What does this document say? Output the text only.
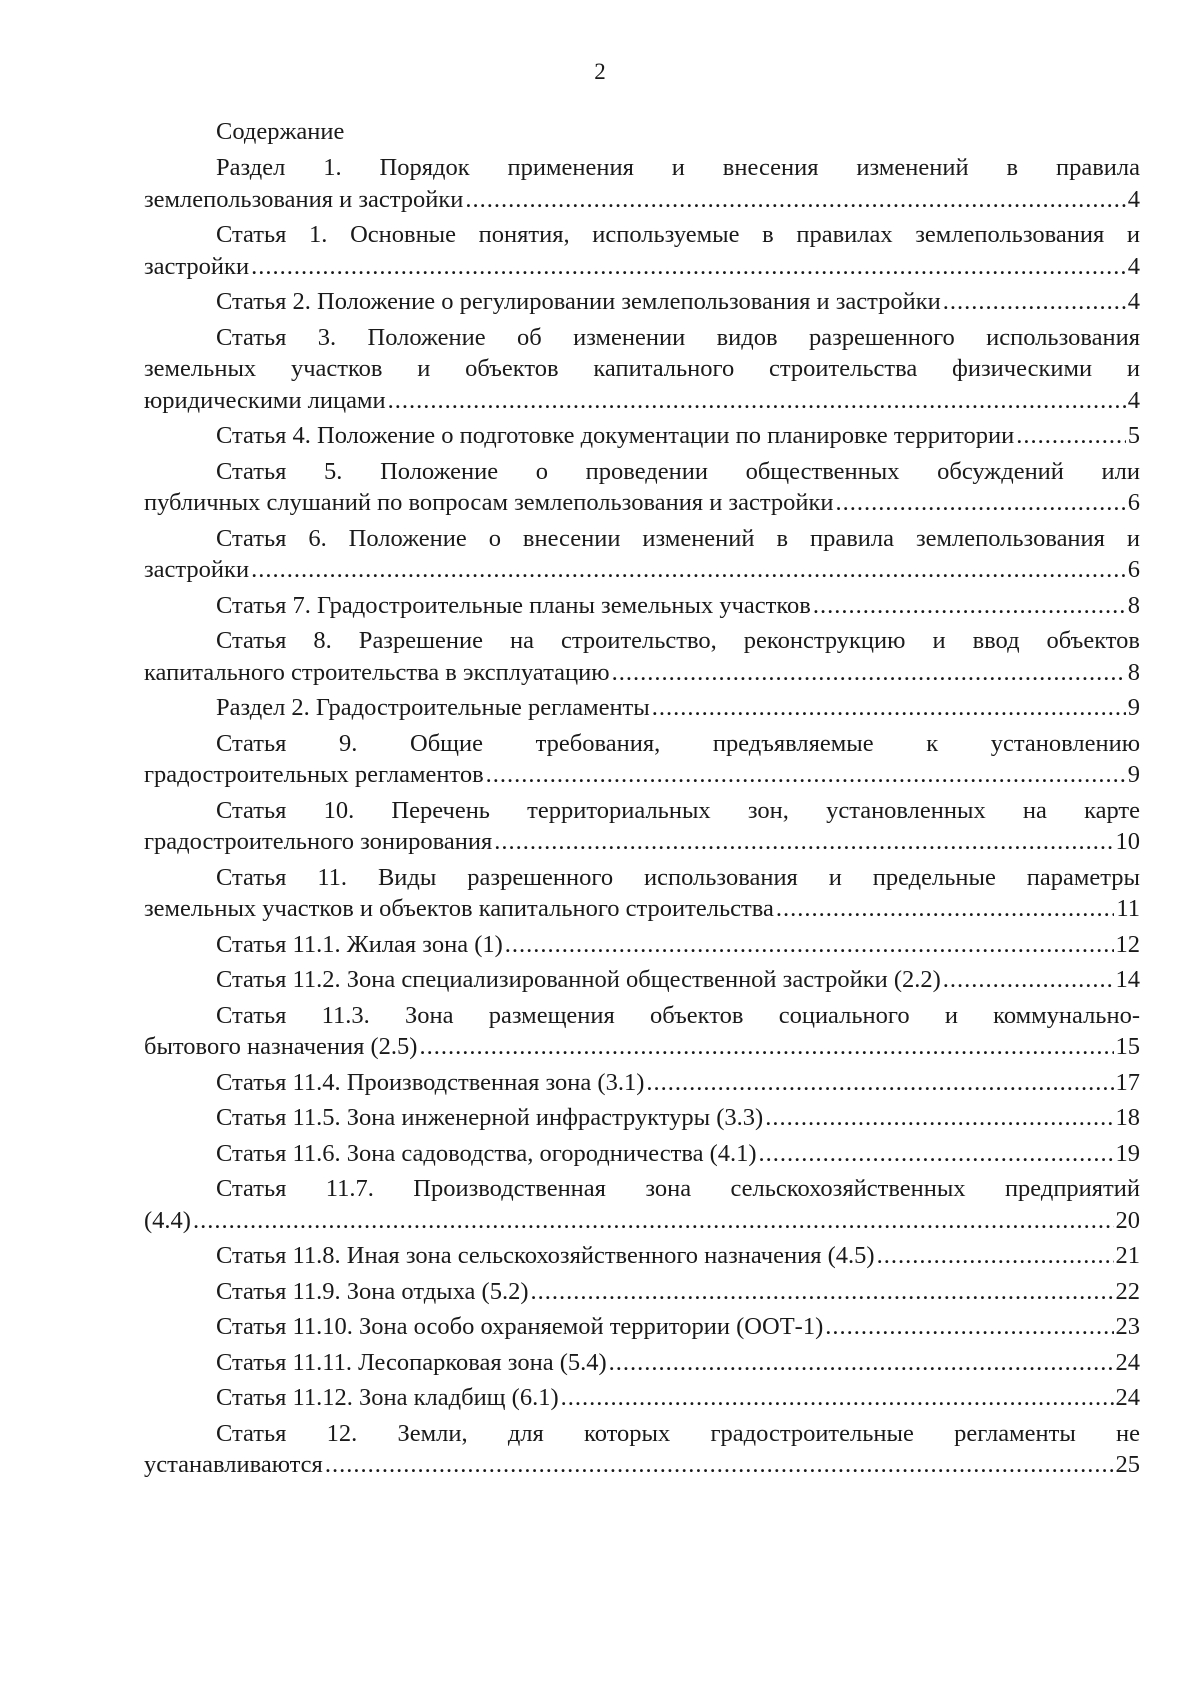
2
Содержание
Раздел 1. Порядок применения и внесения изменений в правила
землепользования и застройки .....	4
Статья 1. Основные понятия, используемые в правилах землепользования и
застройки .....	4
Статья 2. Положение о регулировании землепользования и застройки .....	4
Статья 3. Положение об изменении видов разрешенного использования
земельных участков и объектов капитального строительства физическими и
юридическими лицами .....	4
Статья 4. Положение о подготовке документации по планировке территории .....	5
Статья 5. Положение о проведении общественных обсуждений или
публичных слушаний по вопросам землепользования и застройки .....	6
Статья 6. Положение о внесении изменений в правила землепользования и
застройки .....	6
Статья 7. Градостроительные планы земельных участков .....	8
Статья 8. Разрешение на строительство, реконструкцию и ввод объектов
капитального строительства в эксплуатацию .....	8
Раздел 2. Градостроительные регламенты .....	9
Статья 9. Общие требования, предъявляемые к установлению
градостроительных регламентов .....	9
Статья 10. Перечень территориальных зон, установленных на карте
градостроительного зонирования .....	10
Статья 11. Виды разрешенного использования и предельные параметры
земельных участков и объектов капитального строительства .....	11
Статья 11.1. Жилая зона (1) .....	12
Статья 11.2. Зона специализированной общественной застройки (2.2) .....	14
Статья 11.3. Зона размещения объектов социального и коммунально-
бытового назначения (2.5) .....	15
Статья 11.4. Производственная зона (3.1) .....	17
Статья 11.5. Зона инженерной инфраструктуры (3.3) .....	18
Статья 11.6. Зона садоводства, огородничества (4.1) .....	19
Статья 11.7. Производственная зона сельскохозяйственных предприятий
(4.4) .....	20
Статья 11.8. Иная зона сельскохозяйственного назначения (4.5) .....	21
Статья 11.9. Зона отдыха (5.2) .....	22
Статья 11.10. Зона особо охраняемой территории (ООТ-1) .....	23
Статья 11.11. Лесопарковая зона (5.4) .....	24
Статья 11.12. Зона кладбищ (6.1) .....	24
Статья 12. Земли, для которых градостроительные регламенты не
устанавливаются .....	25
